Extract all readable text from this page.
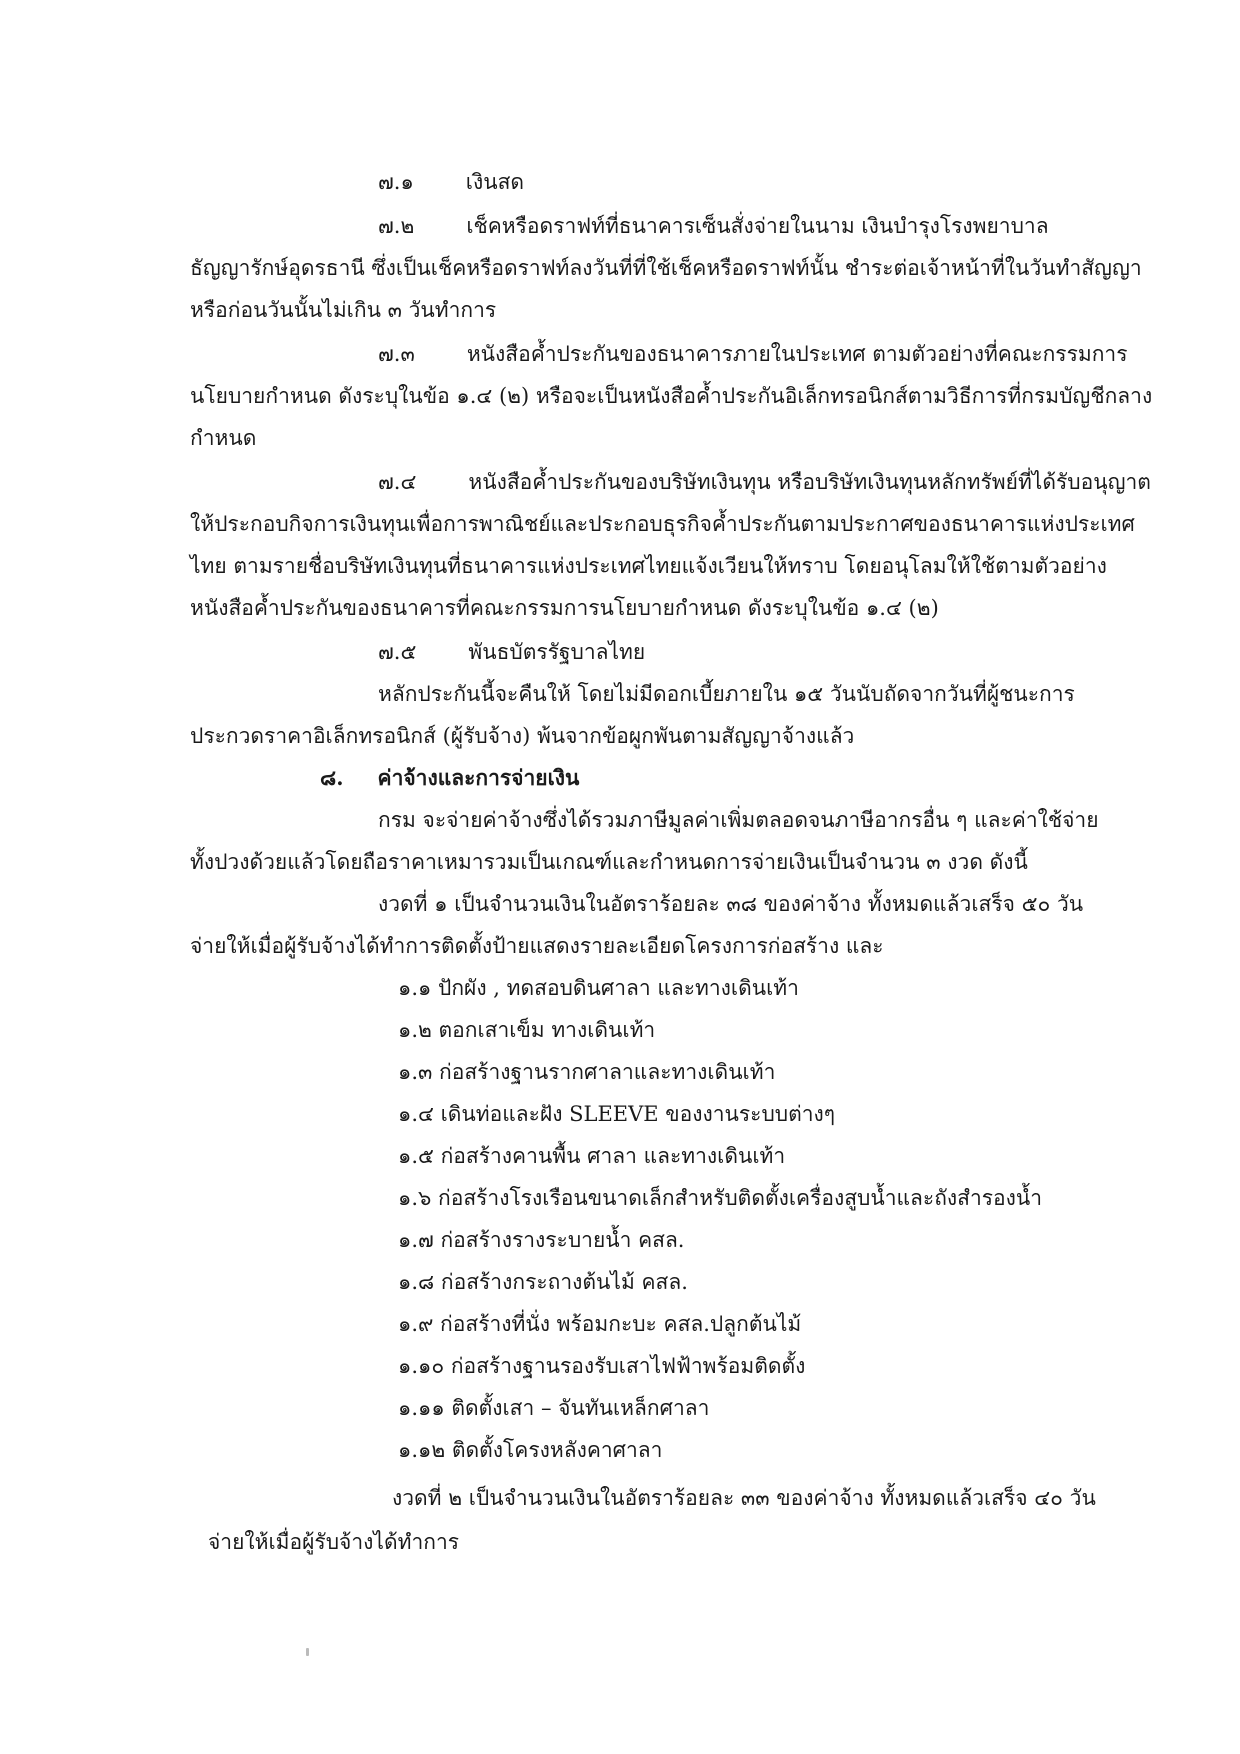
๗.๑ เงินสด
๗.๒ เช็คหรือดราฟท์ที่ธนาคารเซ็นสั่งจ่ายในนาม เงินบำรุงโรงพยาบาล
ธัญญารักษ์อุดรธานี ซึ่งเป็นเช็คหรือดราฟท์ลงวันที่ที่ใช้เช็คหรือดราฟท์นั้น ชำระต่อเจ้าหน้าที่ในวันทำสัญญา
หรือก่อนวันนั้นไม่เกิน ๓ วันทำการ
๗.๓ หนังสือค้ำประกันของธนาคารภายในประเทศ ตามตัวอย่างที่คณะกรรมการ
นโยบายกำหนด ดังระบุในข้อ ๑.๔ (๒) หรือจะเป็นหนังสือค้ำประกันอิเล็กทรอนิกส์ตามวิธีการที่กรมบัญชีกลาง
กำหนด
๗.๔ หนังสือค้ำประกันของบริษัทเงินทุน หรือบริษัทเงินทุนหลักทรัพย์ที่ได้รับอนุญาต
ให้ประกอบกิจการเงินทุนเพื่อการพาณิชย์และประกอบธุรกิจค้ำประกันตามประกาศของธนาคารแห่งประเทศ
ไทย ตามรายชื่อบริษัทเงินทุนที่ธนาคารแห่งประเทศไทยแจ้งเวียนให้ทราบ โดยอนุโลมให้ใช้ตามตัวอย่าง
หนังสือค้ำประกันของธนาคารที่คณะกรรมการนโยบายกำหนด ดังระบุในข้อ ๑.๔ (๒)
๗.๕ พันธบัตรรัฐบาลไทย
หลักประกันนี้จะคืนให้ โดยไม่มีดอกเบี้ยภายใน ๑๕ วันนับถัดจากวันที่ผู้ชนะการ
ประกวดราคาอิเล็กทรอนิกส์ (ผู้รับจ้าง) พ้นจากข้อผูกพันตามสัญญาจ้างแล้ว
๘. ค่าจ้างและการจ่ายเงิน
กรม จะจ่ายค่าจ้างซึ่งได้รวมภาษีมูลค่าเพิ่มตลอดจนภาษีอากรอื่น ๆ และค่าใช้จ่าย
ทั้งปวงด้วยแล้วโดยถือราคาเหมารวมเป็นเกณฑ์และกำหนดการจ่ายเงินเป็นจำนวน ๓ งวด ดังนี้
งวดที่ ๑ เป็นจำนวนเงินในอัตราร้อยละ ๓๘ ของค่าจ้าง ทั้งหมดแล้วเสร็จ ๕๐ วัน
จ่ายให้เมื่อผู้รับจ้างได้ทำการติดตั้งป้ายแสดงรายละเอียดโครงการก่อสร้าง และ
๑.๑ ปักผัง , ทดสอบดินศาลา และทางเดินเท้า
๑.๒ ตอกเสาเข็ม ทางเดินเท้า
๑.๓ ก่อสร้างฐานรากศาลาและทางเดินเท้า
๑.๔ เดินท่อและฝัง SLEEVE ของงานระบบต่างๆ
๑.๕ ก่อสร้างคานพื้น ศาลา และทางเดินเท้า
๑.๖ ก่อสร้างโรงเรือนขนาดเล็กสำหรับติดตั้งเครื่องสูบน้ำและถังสำรองน้ำ
๑.๗ ก่อสร้างรางระบายน้ำ คสล.
๑.๘ ก่อสร้างกระถางต้นไม้ คสล.
๑.๙ ก่อสร้างที่นั่ง พร้อมกะบะ คสล.ปลูกต้นไม้
๑.๑๐ ก่อสร้างฐานรองรับเสาไฟฟ้าพร้อมติดตั้ง
๑.๑๑ ติดตั้งเสา – จันทันเหล็กศาลา
๑.๑๒ ติดตั้งโครงหลังคาศาลา
งวดที่ ๒ เป็นจำนวนเงินในอัตราร้อยละ ๓๓ ของค่าจ้าง ทั้งหมดแล้วเสร็จ ๔๐ วัน
จ่ายให้เมื่อผู้รับจ้างได้ทำการ
